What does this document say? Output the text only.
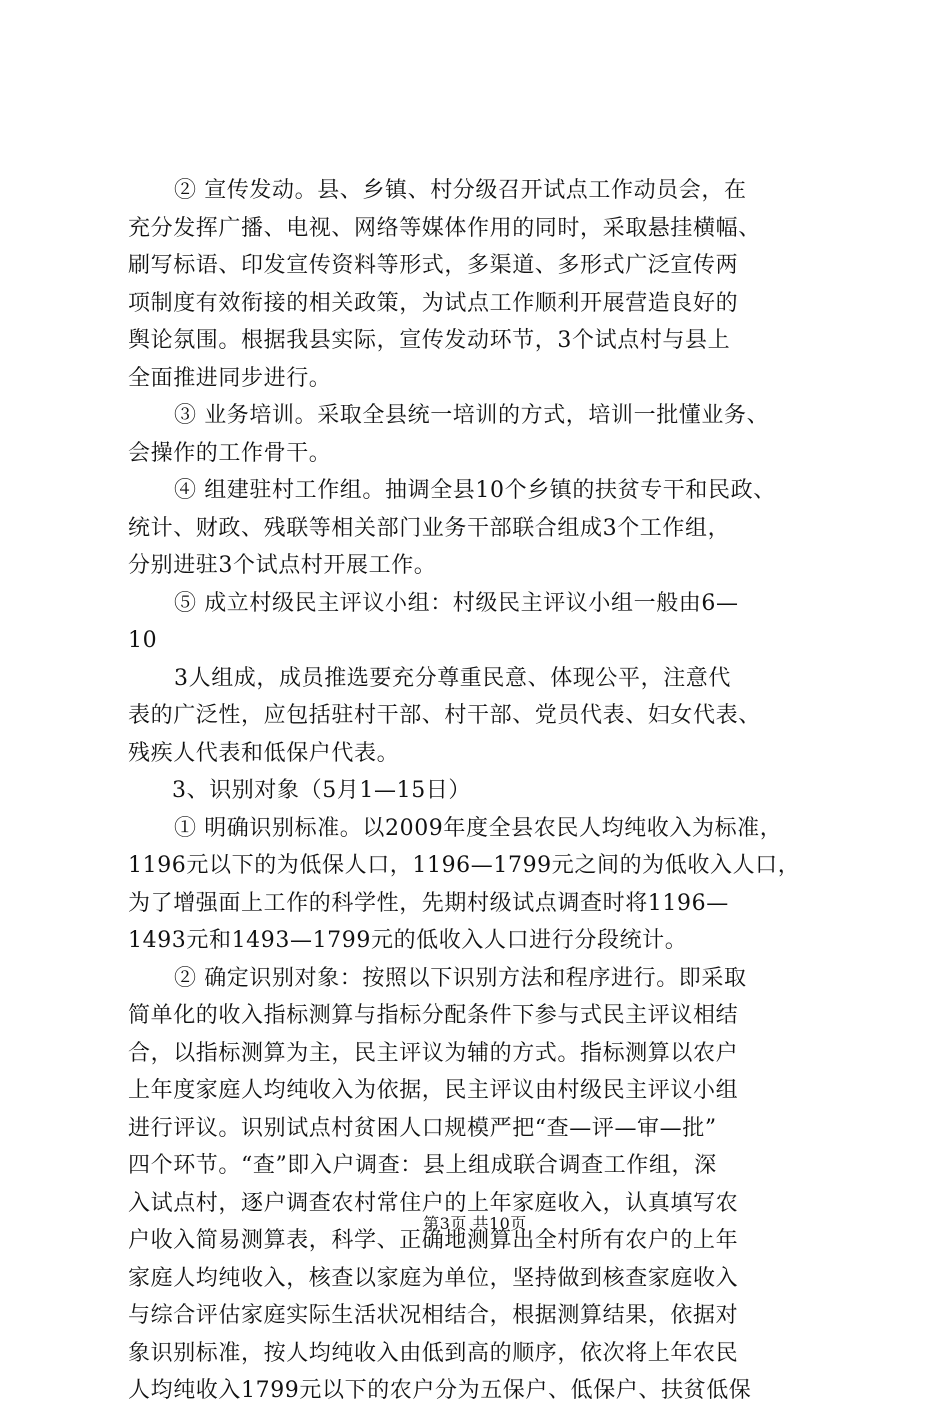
② 宣传发动。县、乡镇、村分级召开试点工作动员会，在
充分发挥广播、电视、网络等媒体作用的同时，采取悬挂横幅、
刷写标语、印发宣传资料等形式，多渠道、多形式广泛宣传两
项制度有效衔接的相关政策，为试点工作顺利开展营造良好的
舆论氛围。根据我县实际，宣传发动环节，3个试点村与县上
全面推进同步进行。
③ 业务培训。采取全县统一培训的方式，培训一批懂业务、
会操作的工作骨干。
④ 组建驻村工作组。抽调全县10个乡镇的扶贫专干和民政、
统计、财政、残联等相关部门业务干部联合组成3个工作组，
分别进驻3个试点村开展工作。
⑤ 成立村级民主评议小组：村级民主评议小组一般由6—
10
3人组成，成员推选要充分尊重民意、体现公平，注意代
表的广泛性，应包括驻村干部、村干部、党员代表、妇女代表、
残疾人代表和低保户代表。
3、识别对象（5月1—15日）
① 明确识别标准。以2009年度全县农民人均纯收入为标准，
1196元以下的为低保人口，1196—1799元之间的为低收入人口，
为了增强面上工作的科学性，先期村级试点调查时将1196—
1493元和1493—1799元的低收入人口进行分段统计。
② 确定识别对象：按照以下识别方法和程序进行。即采取
简单化的收入指标测算与指标分配条件下参与式民主评议相结
合，以指标测算为主，民主评议为辅的方式。指标测算以农户
上年度家庭人均纯收入为依据，民主评议由村级民主评议小组
进行评议。识别试点村贫困人口规模严把“查—评—审—批”
四个环节。“查”即入户调查：县上组成联合调查工作组，深
入试点村，逐户调查农村常住户的上年家庭收入，认真填写农
户收入简易测算表，科学、正确地测算出全村所有农户的上年
家庭人均纯收入，核查以家庭为单位，坚持做到核查家庭收入
与综合评估家庭实际生活状况相结合，根据测算结果，依据对
象识别标准，按人均纯收入由低到高的顺序，依次将上年农民
人均纯收入1799元以下的农户分为五保户、低保户、扶贫低保
第3页 共10页
